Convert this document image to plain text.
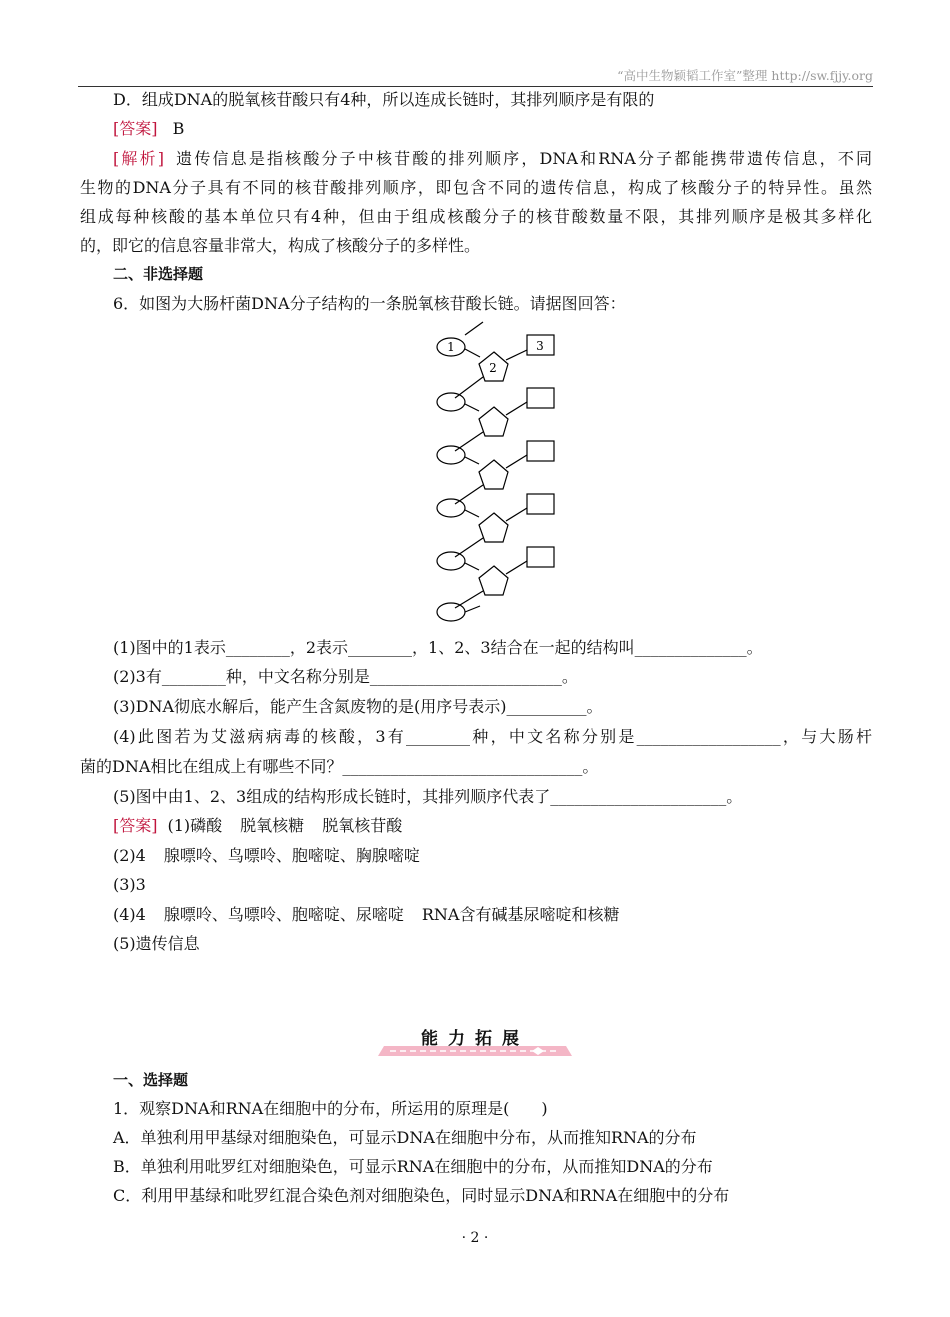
“高中生物颖韬工作室”整理 http://sw.fjjy.org
D．组成DNA的脱氧核苷酸只有4种，所以连成长链时，其排列顺序是有限的
[答案] B
[解析] 遗传信息是指核酸分子中核苷酸的排列顺序，DNA和RNA分子都能携带遗传信息，不同
生物的DNA分子具有不同的核苷酸排列顺序，即包含不同的遗传信息，构成了核酸分子的特异性。虽然
组成每种核酸的基本单位只有4种，但由于组成核酸分子的核苷酸数量不限，其排列顺序是极其多样化
的，即它的信息容量非常大，构成了核酸分子的多样性。
二、非选择题
6．如图为大肠杆菌DNA分子结构的一条脱氧核苷酸长链。请据图回答：
1
2
3
(1)图中的1表示________，2表示________，1、2、3结合在一起的结构叫______________。
(2)3有________种，中文名称分别是________________________。
(3)DNA彻底水解后，能产生含氮废物的是(用序号表示)__________。
(4)此图若为艾滋病病毒的核酸，3有________种，中文名称分别是__________________，与大肠杆
菌的DNA相比在组成上有哪些不同？______________________________。
(5)图中由1、2、3组成的结构形成长链时，其排列顺序代表了______________________。
[答案] (1)磷酸 脱氧核糖 脱氧核苷酸
(2)4 腺嘌呤、鸟嘌呤、胞嘧啶、胸腺嘧啶
(3)3
(4)4 腺嘌呤、鸟嘌呤、胞嘧啶、尿嘧啶 RNA含有碱基尿嘧啶和核糖
(5)遗传信息
能力拓展
一、选择题
1．观察DNA和RNA在细胞中的分布，所运用的原理是(　　)
A．单独利用甲基绿对细胞染色，可显示DNA在细胞中分布，从而推知RNA的分布
B．单独利用吡罗红对细胞染色，可显示RNA在细胞中的分布，从而推知DNA的分布
C．利用甲基绿和吡罗红混合染色剂对细胞染色，同时显示DNA和RNA在细胞中的分布
· 2 ·
